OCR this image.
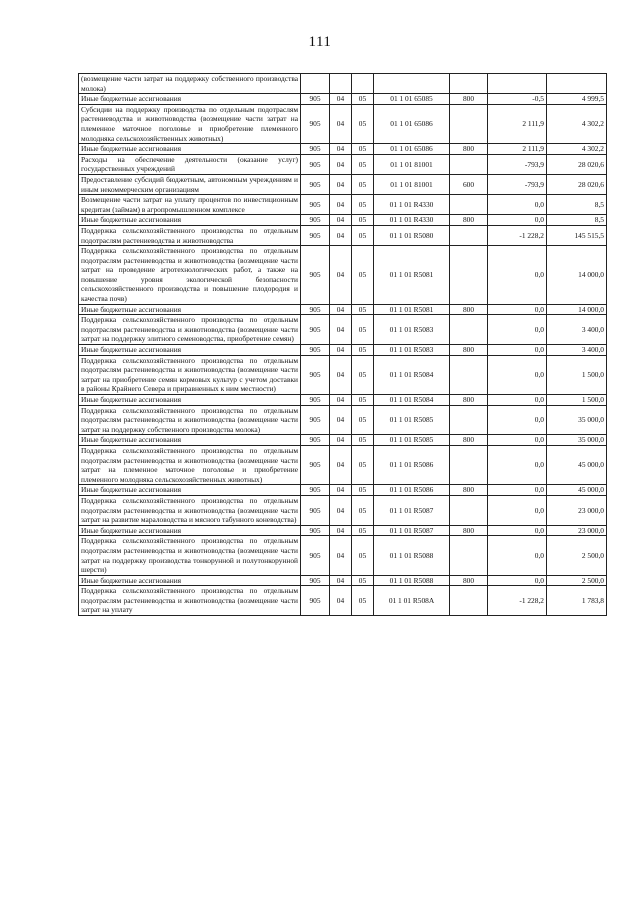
111
(возмещение части затрат на поддержку собственного производства молока)							
Иные бюджетные ассигнования	905	04	05	01 1 01 65085	800	-0,5	4 999,5
Субсидии на поддержку производства по отдельным подотраслям растениеводства и животноводства (возмещение части затрат на племенное маточное поголовье и приобретение племенного молодняка сельскохозяйственных животных)	905	04	05	01 1 01 65086		2 111,9	4 302,2
Иные бюджетные ассигнования	905	04	05	01 1 01 65086	800	2 111,9	4 302,2
Расходы на обеспечение деятельности (оказание услуг) государственных учреждений	905	04	05	01 1 01 81001		-793,9	28 020,6
Предоставление субсидий бюджетным, автономным учреждениям и иным некоммерческим организациям	905	04	05	01 1 01 81001	600	-793,9	28 020,6
Возмещение части затрат на уплату процентов по инвестиционным кредитам (займам) в агропромышленном комплексе	905	04	05	01 1 01 R4330		0,0	8,5
Иные бюджетные ассигнования	905	04	05	01 1 01 R4330	800	0,0	8,5
Поддержка сельскохозяйственного производства по отдельным подотраслям растениеводства и животноводства	905	04	05	01 1 01 R5080		-1 228,2	145 515,5
Поддержка сельскохозяйственного производства по отдельным подотраслям растениеводства и животноводства (возмещение части затрат на проведение агротехнологических работ, а также на повышение уровня экологической безопасности сельскохозяйственного производства и повышение плодородия и качества почв)	905	04	05	01 1 01 R5081		0,0	14 000,0
Иные бюджетные ассигнования	905	04	05	01 1 01 R5081	800	0,0	14 000,0
Поддержка сельскохозяйственного производства по отдельным подотраслям растениеводства и животноводства (возмещение части затрат на поддержку элитного семеноводства, приобретение семян)	905	04	05	01 1 01 R5083		0,0	3 400,0
Иные бюджетные ассигнования	905	04	05	01 1 01 R5083	800	0,0	3 400,0
Поддержка сельскохозяйственного производства по отдельным подотраслям растениеводства и животноводства (возмещение части затрат на приобретение семян кормовых культур с учетом доставки в районы Крайнего Севера и приравненных к ним местности)	905	04	05	01 1 01 R5084		0,0	1 500,0
Иные бюджетные ассигнования	905	04	05	01 1 01 R5084	800	0,0	1 500,0
Поддержка сельскохозяйственного производства по отдельным подотраслям растениеводства и животноводства (возмещение части затрат на поддержку собственного производства молока)	905	04	05	01 1 01 R5085		0,0	35 000,0
Иные бюджетные ассигнования	905	04	05	01 1 01 R5085	800	0,0	35 000,0
Поддержка сельскохозяйственного производства по отдельным подотраслям растениеводства и животноводства (возмещение части затрат на племенное маточное поголовье и приобретение племенного молодняка сельскохозяйственных животных)	905	04	05	01 1 01 R5086		0,0	45 000,0
Иные бюджетные ассигнования	905	04	05	01 1 01 R5086	800	0,0	45 000,0
Поддержка сельскохозяйственного производства по отдельным подотраслям растениеводства и животноводства (возмещение части затрат на развитие мараловодства и мясного табунного коневодства)	905	04	05	01 1 01 R5087		0,0	23 000,0
Иные бюджетные ассигнования	905	04	05	01 1 01 R5087	800	0,0	23 000,0
Поддержка сельскохозяйственного производства по отдельным подотраслям растениеводства и животноводства (возмещение части затрат на поддержку производства тонкорунной и полутонкорунной шерсти)	905	04	05	01 1 01 R5088		0,0	2 500,0
Иные бюджетные ассигнования	905	04	05	01 1 01 R5088	800	0,0	2 500,0
Поддержка сельскохозяйственного производства по отдельным подотраслям растениеводства и животноводства (возмещение части затрат на уплату	905	04	05	01 1 01 R508A		-1 228,2	1 783,8
